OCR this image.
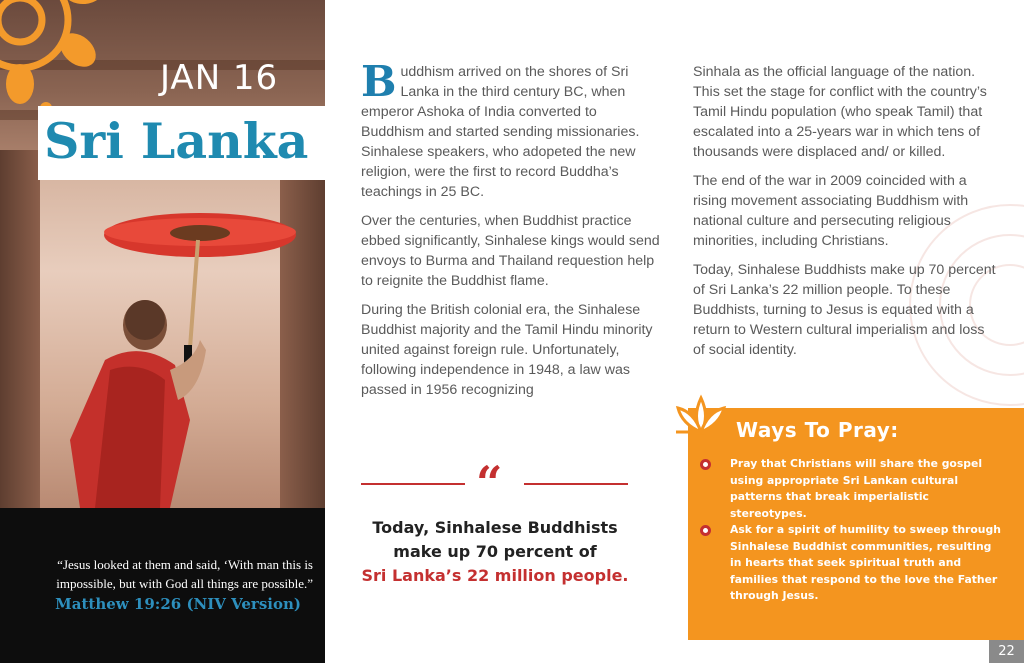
JAN 16
Sri Lanka
“Jesus looked at them and said, ‘With man this is impossible, but with God all things are possible.”
Matthew 19:26 (NIV Version)

Buddhism arrived on the shores of Sri Lanka in the third century BC, when emperor Ashoka of India converted to Buddhism and started sending missionaries. Sinhalese speakers, who adopeted the new religion, were the first to record Buddha’s teachings in 25 BC.

Over the centuries, when Buddhist practice ebbed significantly, Sinhalese kings would send envoys to Burma and Thailand requestion help to reignite the Buddhist flame.

During the British colonial era, the Sinhalese Buddhist majority and the Tamil Hindu minority united against foreign rule. Unfortunately, following independence in 1948, a law was passed in 1956 recognizing

Sinhala as the official language of the nation. This set the stage for conflict with the country’s Tamil Hindu population (who speak Tamil) that escalated into a 25-years war in which tens of thousands were displaced and/ or killed.

The end of the war in 2009 coincided with a rising movement associating Buddhism with national culture and persecuting religious minorities, including Christians.

Today, Sinhalese Buddhists make up 70 percent of Sri Lanka’s 22 million people. To these Buddhists, turning to Jesus is equated with a return to Western cultural imperialism and loss of social identity.

“
Today, Sinhalese Buddhists
make up 70 percent of
Sri Lanka’s 22 million people.
Ways To Pray:
Pray that Christians will share the gospel using appropriate Sri Lankan cultural patterns that break imperialistic stereotypes.
Ask for a spirit of humility to sweep through Sinhalese Buddhist communities, resulting in hearts that seek spiritual truth and families that respond to the love the Father through Jesus.
22
